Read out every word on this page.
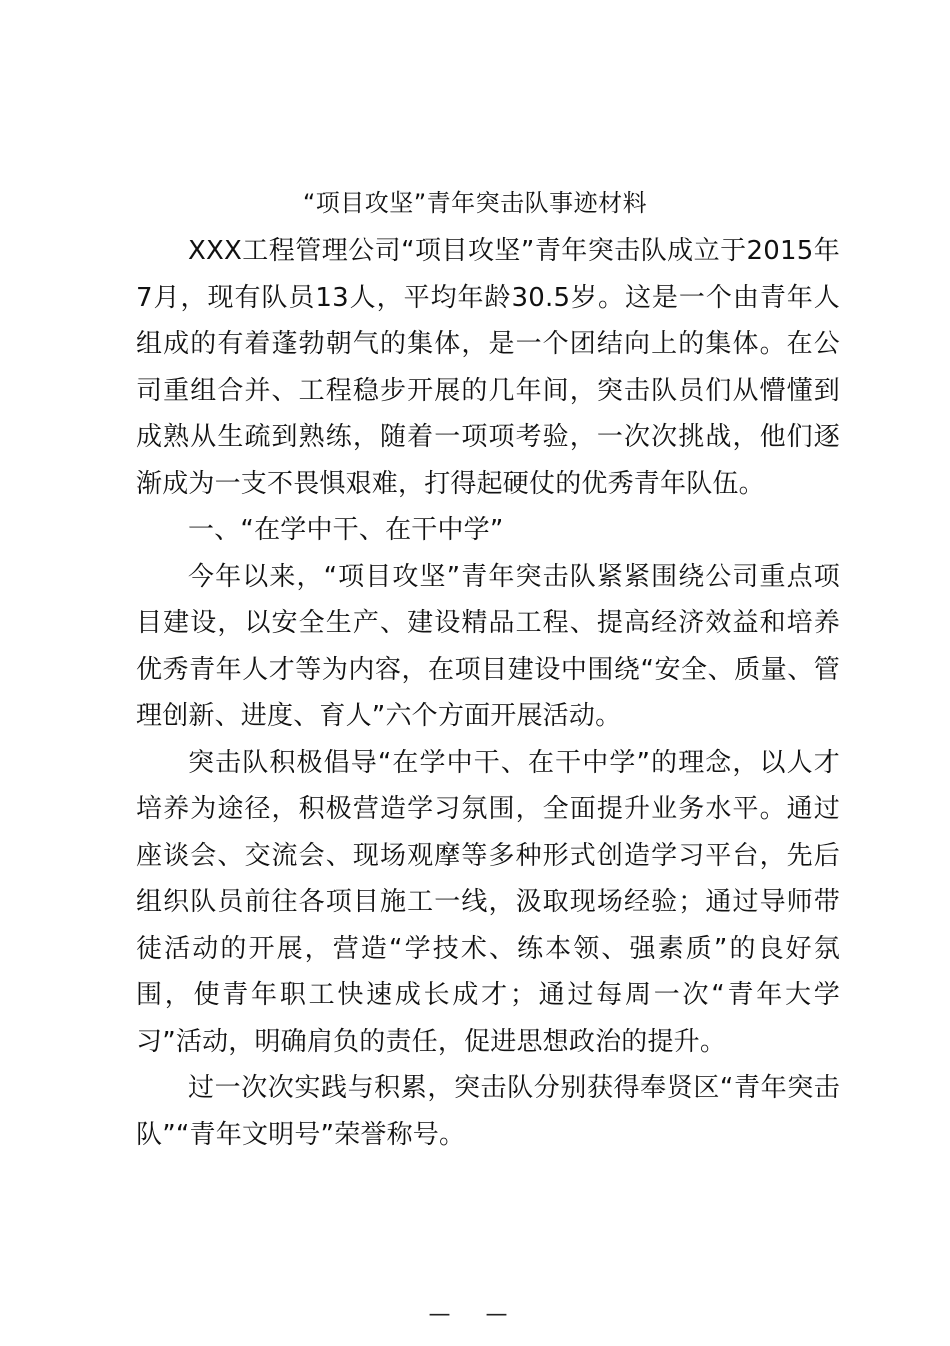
“项目攻坚”青年突击队事迹材料

XXX工程管理公司“项目攻坚”青年突击队成立于2015年7月，现有队员13人，平均年龄30.5岁。这是一个由青年人组成的有着蓬勃朝气的集体，是一个团结向上的集体。在公司重组合并、工程稳步开展的几年间，突击队员们从懵懂到成熟从生疏到熟练，随着一项项考验，一次次挑战，他们逐渐成为一支不畏惧艰难，打得起硬仗的优秀青年队伍。

一、“在学中干、在干中学”

今年以来，“项目攻坚”青年突击队紧紧围绕公司重点项目建设，以安全生产、建设精品工程、提高经济效益和培养优秀青年人才等为内容，在项目建设中围绕“安全、质量、管理创新、进度、育人”六个方面开展活动。

突击队积极倡导“在学中干、在干中学”的理念，以人才培养为途径，积极营造学习氛围，全面提升业务水平。通过座谈会、交流会、现场观摩等多种形式创造学习平台，先后组织队员前往各项目施工一线，汲取现场经验；通过导师带徒活动的开展，营造“学技术、练本领、强素质”的良好氛围，使青年职工快速成长成才；通过每周一次“青年大学习”活动，明确肩负的责任，促进思想政治的提升。

过一次次实践与积累，突击队分别获得奉贤区“青年突击队”“青年文明号”荣誉称号。

— —
